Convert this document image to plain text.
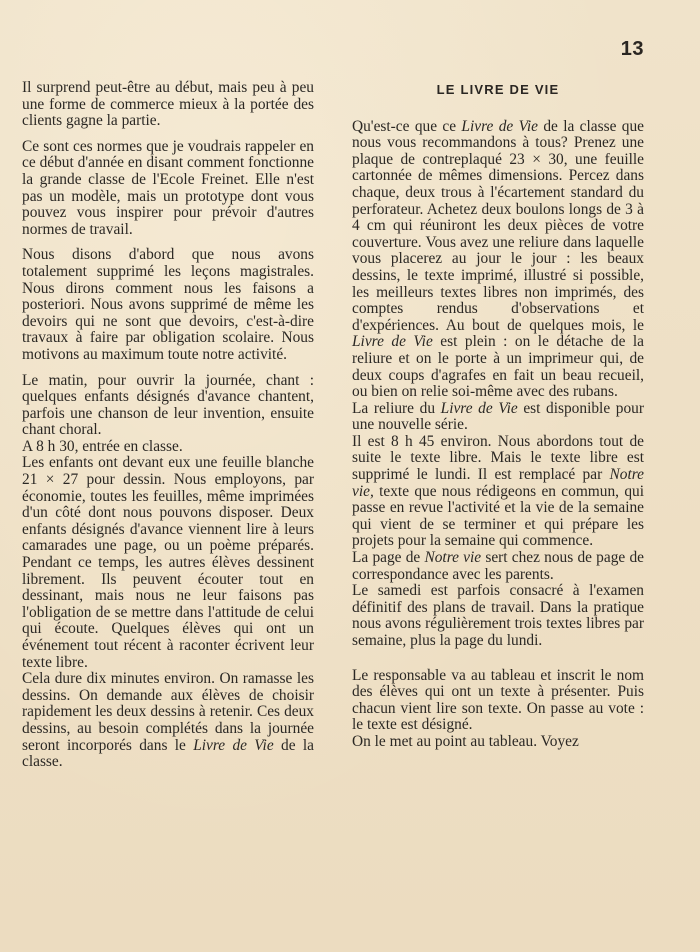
13

Il surprend peut-être au début, mais peu à peu une forme de commerce mieux à la portée des clients gagne la partie.

Ce sont ces normes que je voudrais rappeler en ce début d'année en disant comment fonctionne la grande classe de l'Ecole Freinet. Elle n'est pas un modèle, mais un prototype dont vous pouvez vous inspirer pour prévoir d'autres normes de travail.

Nous disons d'abord que nous avons totalement supprimé les leçons magistrales. Nous dirons comment nous les faisons a posteriori. Nous avons supprimé de même les devoirs qui ne sont que devoirs, c'est-à-dire travaux à faire par obligation scolaire. Nous motivons au maximum toute notre activité.

Le matin, pour ouvrir la journée, chant : quelques enfants désignés d'avance chantent, parfois une chanson de leur invention, ensuite chant choral.

A 8 h 30, entrée en classe.

Les enfants ont devant eux une feuille blanche 21 × 27 pour dessin. Nous employons, par économie, toutes les feuilles, même imprimées d'un côté dont nous pouvons disposer. Deux enfants désignés d'avance viennent lire à leurs camarades une page, ou un poème préparés. Pendant ce temps, les autres élèves dessinent librement. Ils peuvent écouter tout en dessinant, mais nous ne leur faisons pas l'obligation de se mettre dans l'attitude de celui qui écoute. Quelques élèves qui ont un événement tout récent à raconter écrivent leur texte libre.

Cela dure dix minutes environ. On ramasse les dessins. On demande aux élèves de choisir rapidement les deux dessins à retenir. Ces deux dessins, au besoin complétés dans la journée seront incorporés dans le Livre de Vie de la classe.

LE LIVRE DE VIE

Qu'est-ce que ce Livre de Vie de la classe que nous vous recommandons à tous? Prenez une plaque de contreplaqué 23 × 30, une feuille cartonnée de mêmes dimensions. Percez dans chaque, deux trous à l'écartement standard du perforateur. Achetez deux boulons longs de 3 à 4 cm qui réuniront les deux pièces de votre couverture. Vous avez une reliure dans laquelle vous placerez au jour le jour : les beaux dessins, le texte imprimé, illustré si possible, les meilleurs textes libres non imprimés, des comptes rendus d'observations et d'expériences. Au bout de quelques mois, le Livre de Vie est plein : on le détache de la reliure et on le porte à un imprimeur qui, de deux coups d'agrafes en fait un beau recueil, ou bien on relie soi-même avec des rubans.

La reliure du Livre de Vie est disponible pour une nouvelle série.

Il est 8 h 45 environ. Nous abordons tout de suite le texte libre. Mais le texte libre est supprimé le lundi. Il est remplacé par Notre vie, texte que nous rédigeons en commun, qui passe en revue l'activité et la vie de la semaine qui vient de se terminer et qui prépare les projets pour la semaine qui commence.

La page de Notre vie sert chez nous de page de correspondance avec les parents.

Le samedi est parfois consacré à l'examen définitif des plans de travail. Dans la pratique nous avons régulièrement trois textes libres par semaine, plus la page du lundi.

Le responsable va au tableau et inscrit le nom des élèves qui ont un texte à présenter. Puis chacun vient lire son texte. On passe au vote : le texte est désigné.

On le met au point au tableau. Voyez
